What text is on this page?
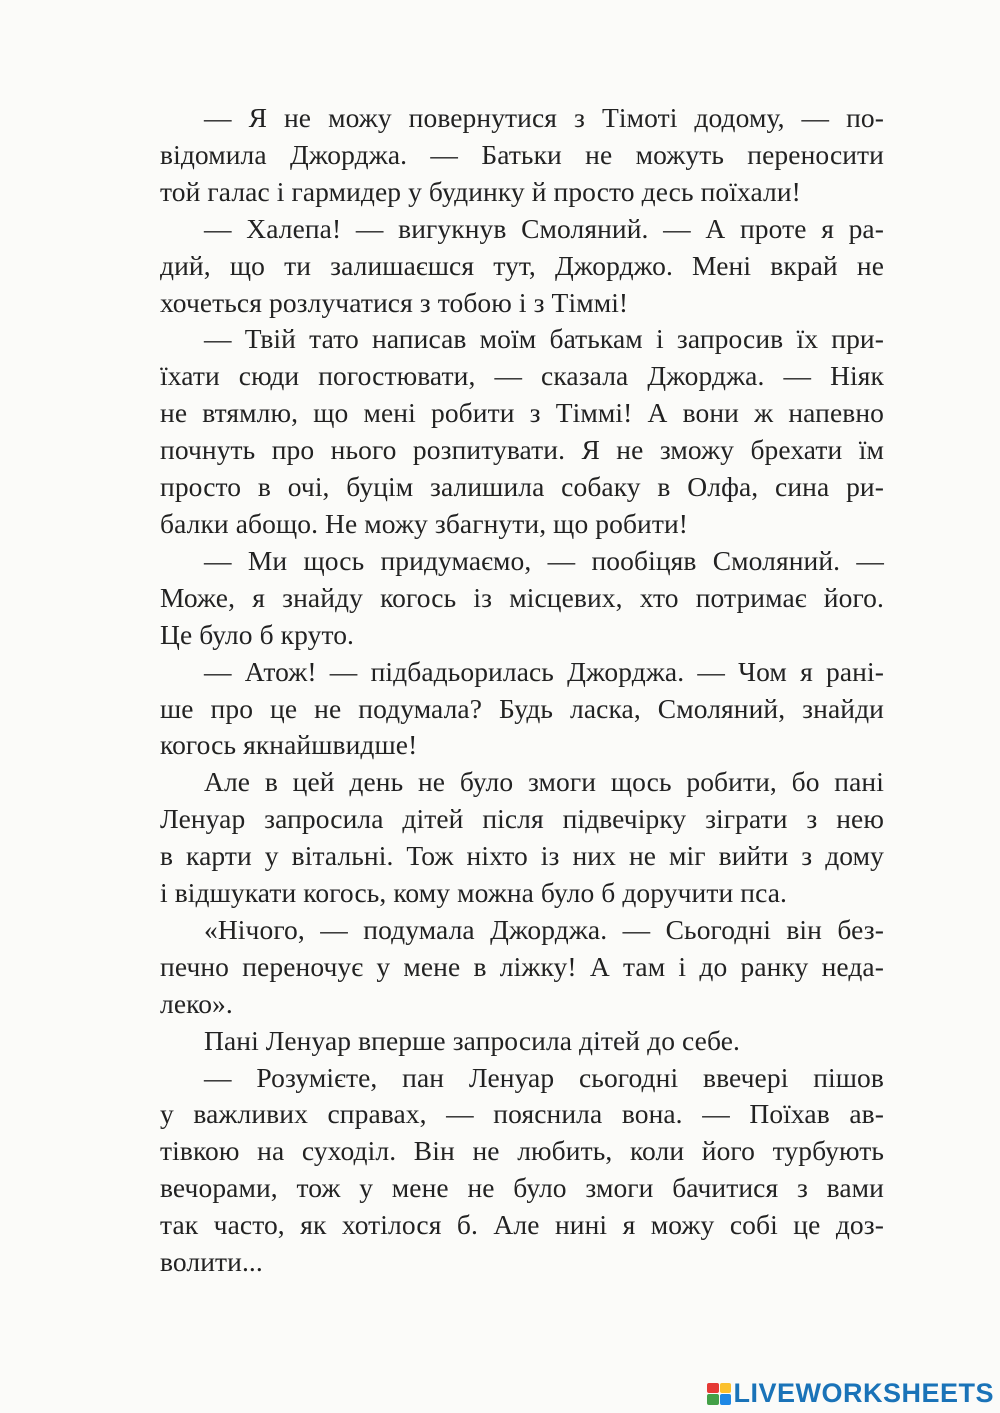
— Я не можу повернутися з Тімоті додому, — по-
відомила Джорджа. — Батьки не можуть переносити
той галас і гармидер у будинку й просто десь поїхали!
— Халепа! — вигукнув Смоляний. — А проте я ра-
дий, що ти залишаєшся тут, Джорджо. Мені вкрай не
хочеться розлучатися з тобою і з Тіммі!
— Твій тато написав моїм батькам і запросив їх при-
їхати сюди погостювати, — сказала Джорджа. — Ніяк
не втямлю, що мені робити з Тіммі! А вони ж напевно
почнуть про нього розпитувати. Я не зможу брехати їм
просто в очі, буцім залишила собаку в Олфа, сина ри-
балки абощо. Не можу збагнути, що робити!
— Ми щось придумаємо, — пообіцяв Смоляний. —
Може, я знайду когось із місцевих, хто потримає його.
Це було б круто.
— Атож! — підбадьорилась Джорджа. — Чом я рані-
ше про це не подумала? Будь ласка, Смоляний, знайди
когось якнайшвидше!
Але в цей день не було змоги щось робити, бо пані
Ленуар запросила дітей після підвечірку зіграти з нею
в карти у вітальні. Тож ніхто із них не міг вийти з дому
і відшукати когось, кому можна було б доручити пса.
«Нічого, — подумала Джорджа. — Сьогодні він без-
печно переночує у мене в ліжку! А там і до ранку неда-
леко».
Пані Ленуар вперше запросила дітей до себе.
— Розумієте, пан Ленуар сьогодні ввечері пішов
у важливих справах, — пояснила вона. — Поїхав ав-
тівкою на суходіл. Він не любить, коли його турбують
вечорами, тож у мене не було змоги бачитися з вами
так часто, як хотілося б. Але нині я можу собі це доз-
волити...
LIVEWORKSHEETS
